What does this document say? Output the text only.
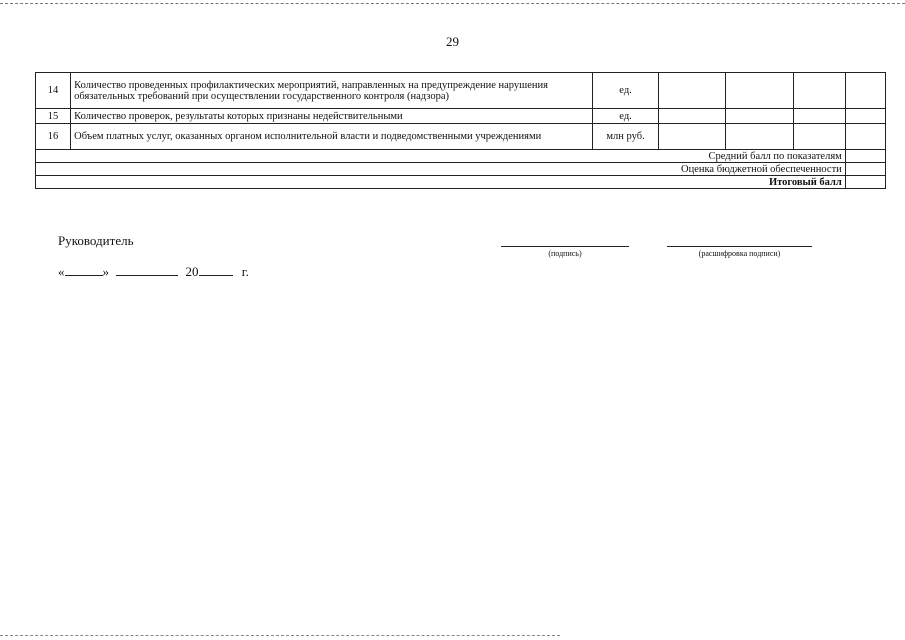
29
14	Количество проведенных профилактических мероприятий, направленных на предупреждение нарушения обязательных требований при осуществлении государственного контроля (надзора)	ед.				
15	Количество проверок, результаты которых признаны недействительными	ед.				
16	Объем платных услуг, оказанных органом исполнительной власти и подведомственными учреждениями	млн руб.				
Средний балл по показателям						
Оценка бюджетной обеспеченности						
Итоговый балл						
Руководитель
(подпись)	(расшифровка подписи)
«	»	20	г.
